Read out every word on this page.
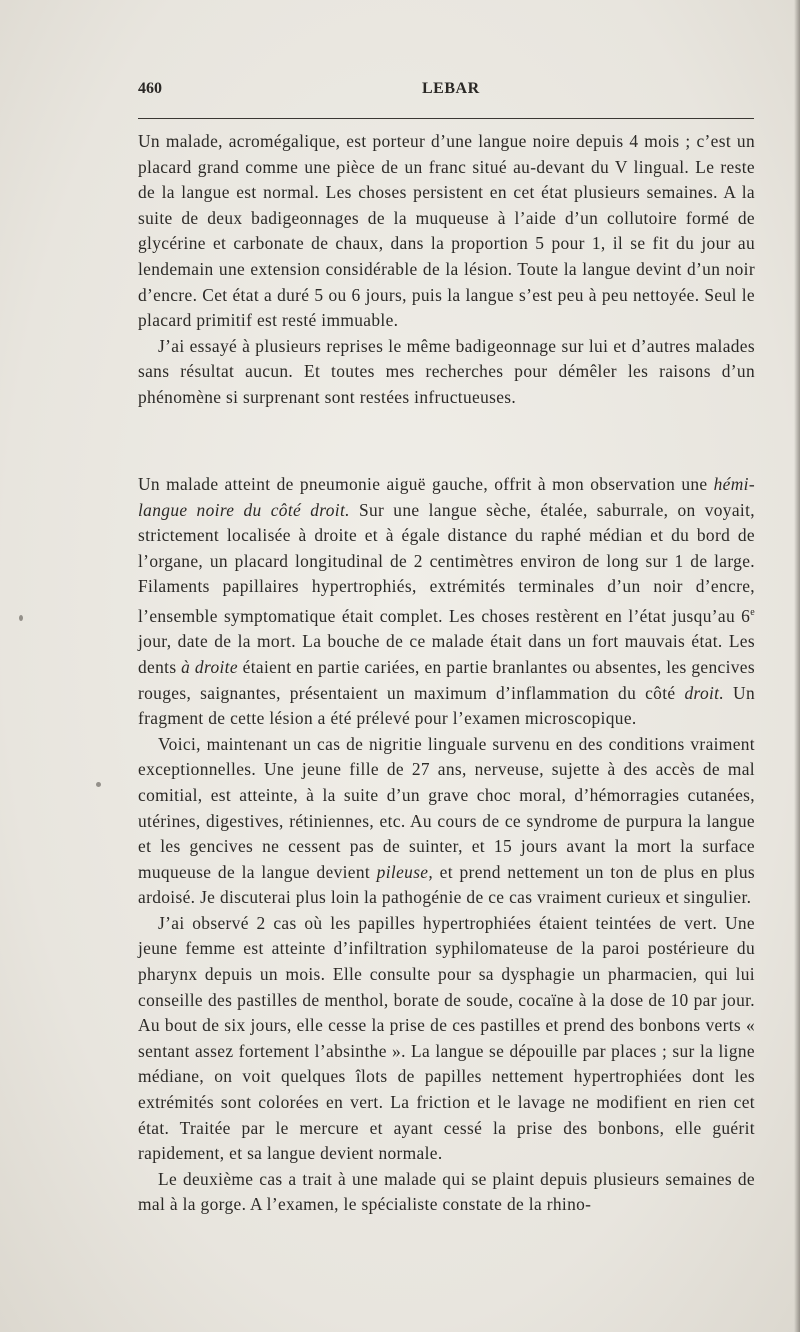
460	LEBAR

Un malade, acromégalique, est porteur d’une langue noire depuis 4 mois ; c’est un placard grand comme une pièce de un franc situé au-devant du V lingual. Le reste de la langue est normal. Les choses persistent en cet état plusieurs semaines. A la suite de deux badigeonnages de la muqueuse à l’aide d’un collutoire formé de glycérine et carbonate de chaux, dans la proportion 5 pour 1, il se fit du jour au lendemain une extension considérable de la lésion. Toute la langue devint d’un noir d’encre. Cet état a duré 5 ou 6 jours, puis la langue s’est peu à peu nettoyée. Seul le placard primitif est resté immuable.

J’ai essayé à plusieurs reprises le même badigeonnage sur lui et d’autres malades sans résultat aucun. Et toutes mes recherches pour démêler les raisons d’un phénomène si surprenant sont restées infructueuses.

Un malade atteint de pneumonie aiguë gauche, offrit à mon observation une hémi-langue noire du côté droit. Sur une langue sèche, étalée, saburrale, on voyait, strictement localisée à droite et à égale distance du raphé médian et du bord de l’organe, un placard longitudinal de 2 centimètres environ de long sur 1 de large. Filaments papillaires hypertrophiés, extrémités terminales d’un noir d’encre, l’ensemble symptomatique était complet. Les choses restèrent en l’état jusqu’au 6e jour, date de la mort. La bouche de ce malade était dans un fort mauvais état. Les dents à droite étaient en partie cariées, en partie branlantes ou absentes, les gencives rouges, saignantes, présentaient un maximum d’inflammation du côté droit. Un fragment de cette lésion a été prélevé pour l’examen microscopique.

Voici, maintenant un cas de nigritie linguale survenu en des conditions vraiment exceptionnelles. Une jeune fille de 27 ans, nerveuse, sujette à des accès de mal comitial, est atteinte, à la suite d’un grave choc moral, d’hémorragies cutanées, utérines, digestives, rétiniennes, etc. Au cours de ce syndrome de purpura la langue et les gencives ne cessent pas de suinter, et 15 jours avant la mort la surface muqueuse de la langue devient pileuse, et prend nettement un ton de plus en plus ardoisé. Je discuterai plus loin la pathogénie de ce cas vraiment curieux et singulier.

J’ai observé 2 cas où les papilles hypertrophiées étaient teintées de vert. Une jeune femme est atteinte d’infiltration syphilomateuse de la paroi postérieure du pharynx depuis un mois. Elle consulte pour sa dysphagie un pharmacien, qui lui conseille des pastilles de menthol, borate de soude, cocaïne à la dose de 10 par jour. Au bout de six jours, elle cesse la prise de ces pastilles et prend des bonbons verts « sentant assez fortement l’absinthe ». La langue se dépouille par places ; sur la ligne médiane, on voit quelques îlots de papilles nettement hypertrophiées dont les extrémités sont colorées en vert. La friction et le lavage ne modifient en rien cet état. Traitée par le mercure et ayant cessé la prise des bonbons, elle guérit rapidement, et sa langue devient normale.

Le deuxième cas a trait à une malade qui se plaint depuis plusieurs semaines de mal à la gorge. A l’examen, le spécialiste constate de la rhino-
